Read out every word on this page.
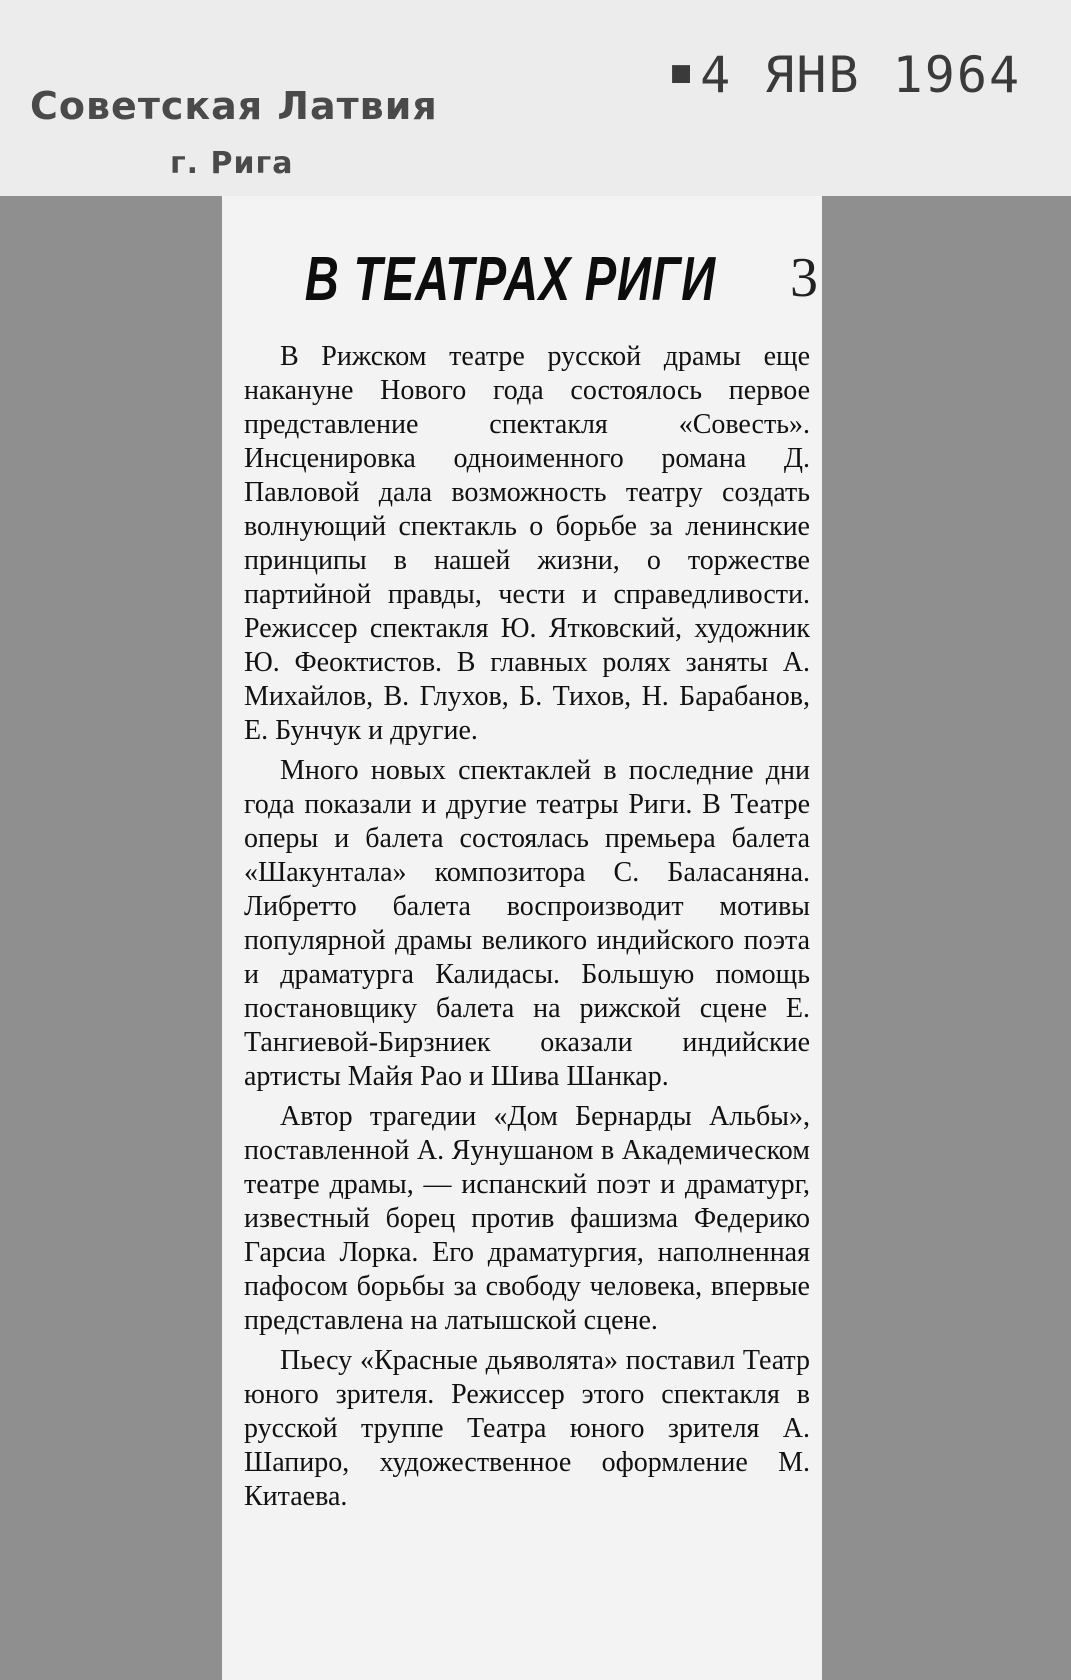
Советская Латвия
г. Рига
■ 4 ЯНВ 1964
В ТЕАТРАХ РИГИ 3

В Рижском театре русской драмы еще накануне Нового года состоялось первое представление спектакля «Совесть». Инсценировка одноименного романа Д. Павловой дала возможность театру создать волнующий спектакль о борьбе за ленинские принципы в нашей жизни, о торжестве партийной правды, чести и справедливости. Режиссер спектакля Ю. Ятковский, художник Ю. Феоктистов. В главных ролях заняты А. Михайлов, В. Глухов, Б. Тихов, Н. Барабанов, Е. Бунчук и другие.

Много новых спектаклей в последние дни года показали и другие театры Риги. В Театре оперы и балета состоялась премьера балета «Шакунтала» композитора С. Баласаняна. Либретто балета воспроизводит мотивы популярной драмы великого индийского поэта и драматурга Калидасы. Большую помощь постановщику балета на рижской сцене Е. Тангиевой-Бирзниек оказали индийские артисты Майя Рао и Шива Шанкар.

Автор трагедии «Дом Бернарды Альбы», поставленной А. Яунушаном в Академическом театре драмы, — испанский поэт и драматург, известный борец против фашизма Федерико Гарсиа Лорка. Его драматургия, наполненная пафосом борьбы за свободу человека, впервые представлена на латышской сцене.

Пьесу «Красные дьяволята» поставил Театр юного зрителя. Режиссер этого спектакля в русской труппе Театра юного зрителя А. Шапиро, художественное оформление М. Китаева.
